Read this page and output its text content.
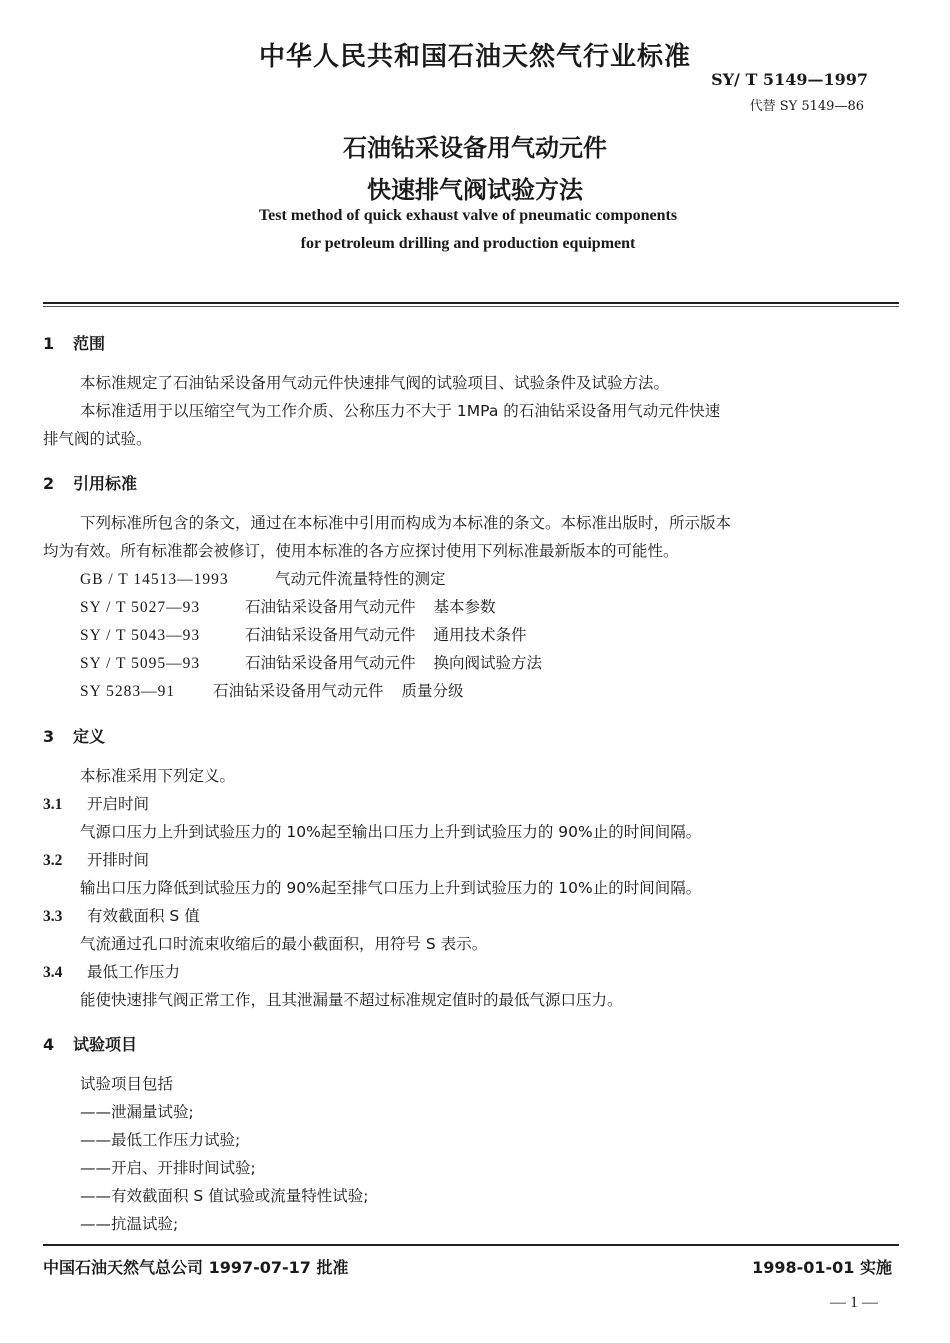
中华人民共和国石油天然气行业标准
SY/ T 5149—1997
代替 SY 5149—86
石油钻采设备用气动元件
快速排气阀试验方法
Test method of quick exhaust valve of pneumatic components
for petroleum drilling and production equipment
1 范围
本标准规定了石油钻采设备用气动元件快速排气阀的试验项目、试验条件及试验方法。
本标准适用于以压缩空气为工作介质、公称压力不大于 1MPa 的石油钻采设备用气动元件快速
排气阀的试验。
2 引用标准
下列标准所包含的条文，通过在本标准中引用而构成为本标准的条文。本标准出版时，所示版本
均为有效。所有标准都会被修订，使用本标准的各方应探讨使用下列标准最新版本的可能性。
GB / T 14513—1993	气动元件流量特性的测定
SY / T 5027—93	石油钻采设备用气动元件 基本参数
SY / T 5043—93	石油钻采设备用气动元件 通用技术条件
SY / T 5095—93	石油钻采设备用气动元件 换向阀试验方法
SY 5283—91 石油钻采设备用气动元件 质量分级
3 定义
本标准采用下列定义。
3.1 开启时间
气源口压力上升到试验压力的 10%起至输出口压力上升到试验压力的 90%止的时间间隔。
3.2 开排时间
输出口压力降低到试验压力的 90%起至排气口压力上升到试验压力的 10%止的时间间隔。
3.3 有效截面积 S 值
气流通过孔口时流束收缩后的最小截面积，用符号 S 表示。
3.4 最低工作压力
能使快速排气阀正常工作，且其泄漏量不超过标准规定值时的最低气源口压力。
4 试验项目
试验项目包括
——泄漏量试验;
——最低工作压力试验;
——开启、开排时间试验;
——有效截面积 S 值试验或流量特性试验;
——抗温试验;
中国石油天然气总公司 1997-07-17 批准	1998-01-01 实施
— 1 —
